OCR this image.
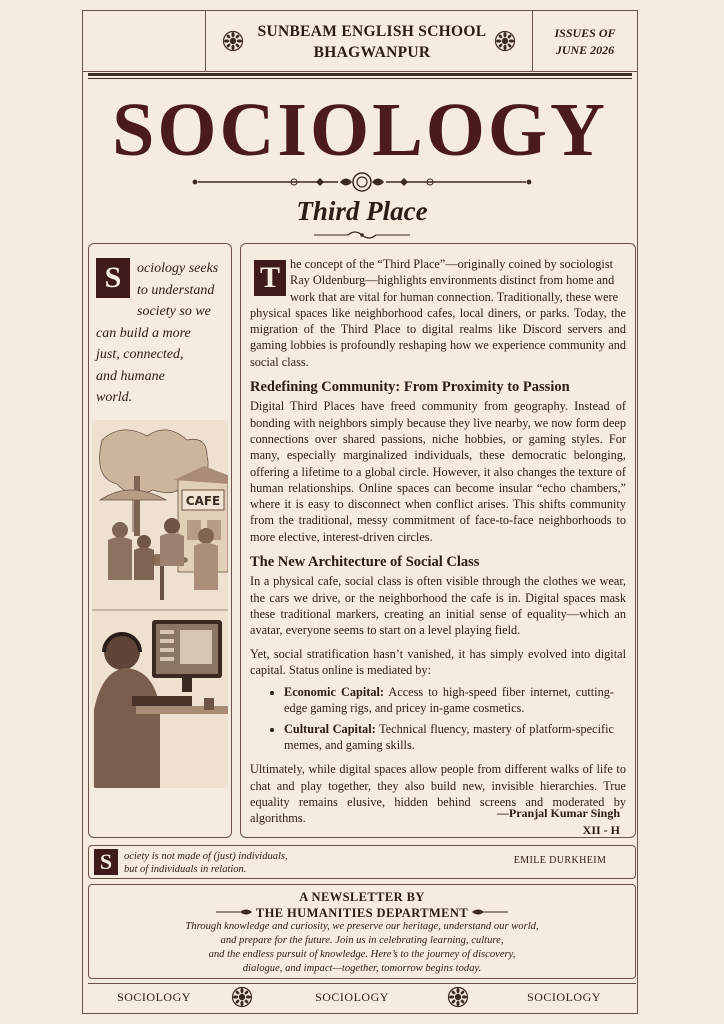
SUNBEAM ENGLISH SCHOOL
BHAGWANPUR
ISSUES OF
JUNE 2026
SOCIOLOGY
Third Place
S	ociology seeks
to understand
society so we
can build a more
just, connected,
and humane
world.
CAFE
T he concept of the “Third Place”—originally coined by sociologist

Ray Oldenburg—highlights environments distinct from home and

work that are vital for human connection. Traditionally, these were

physical spaces like neighborhood cafes, local diners, or parks. Today, the migration of the Third Place to digital realms like Discord servers and gaming lobbies is profoundly reshaping how we experience community and social class.

Redefining Community: From Proximity to Passion

Digital Third Places have freed community from geography. Instead of bonding with neighbors simply because they live nearby, we now form deep connections over shared passions, niche hobbies, or gaming styles. For many, especially marginalized individuals, these democratic belonging, offering a lifetime to a global circle. However, it also changes the texture of human relationships. Online spaces can become insular “echo chambers,” where it is easy to disconnect when conflict arises. This shifts community from the traditional, messy commitment of face-to-face neighborhoods to more elective, interest-driven circles.

The New Architecture of Social Class

In a physical cafe, social class is often visible through the clothes we wear, the cars we drive, or the neighborhood the cafe is in. Digital spaces mask these traditional markers, creating an initial sense of equality—which an avatar, everyone seems to start on a level playing field.

Yet, social stratification hasn’t vanished, it has simply evolved into digital capital. Status online is mediated by:

• Economic Capital: Access to high-speed fiber internet, cutting-edge gaming rigs, and pricey in-game cosmetics.
• Cultural Capital: Technical fluency, mastery of platform-specific memes, and gaming skills.

Ultimately, while digital spaces allow people from different walks of life to chat and play together, they also build new, invisible hierarchies. True equality remains elusive, hidden behind screens and moderated by algorithms.	—Pranjal Kumar Singh
XII - H
S	ociety is not made of (just) individuals,
but of individuals in relation.
EMILE DURKHEIM
A NEWSLETTER BY
THE HUMANITIES DEPARTMENT
Through knowledge and curiosity, we preserve our heritage, understand our world,
and prepare for the future. Join us in celebrating learning, culture,
and the endless pursuit of knowledge. Here’s to the journey of discovery,
dialogue, and impact—together, tomorrow begins today.
SOCIOLOGY	SOCIOLOGY	SOCIOLOGY
